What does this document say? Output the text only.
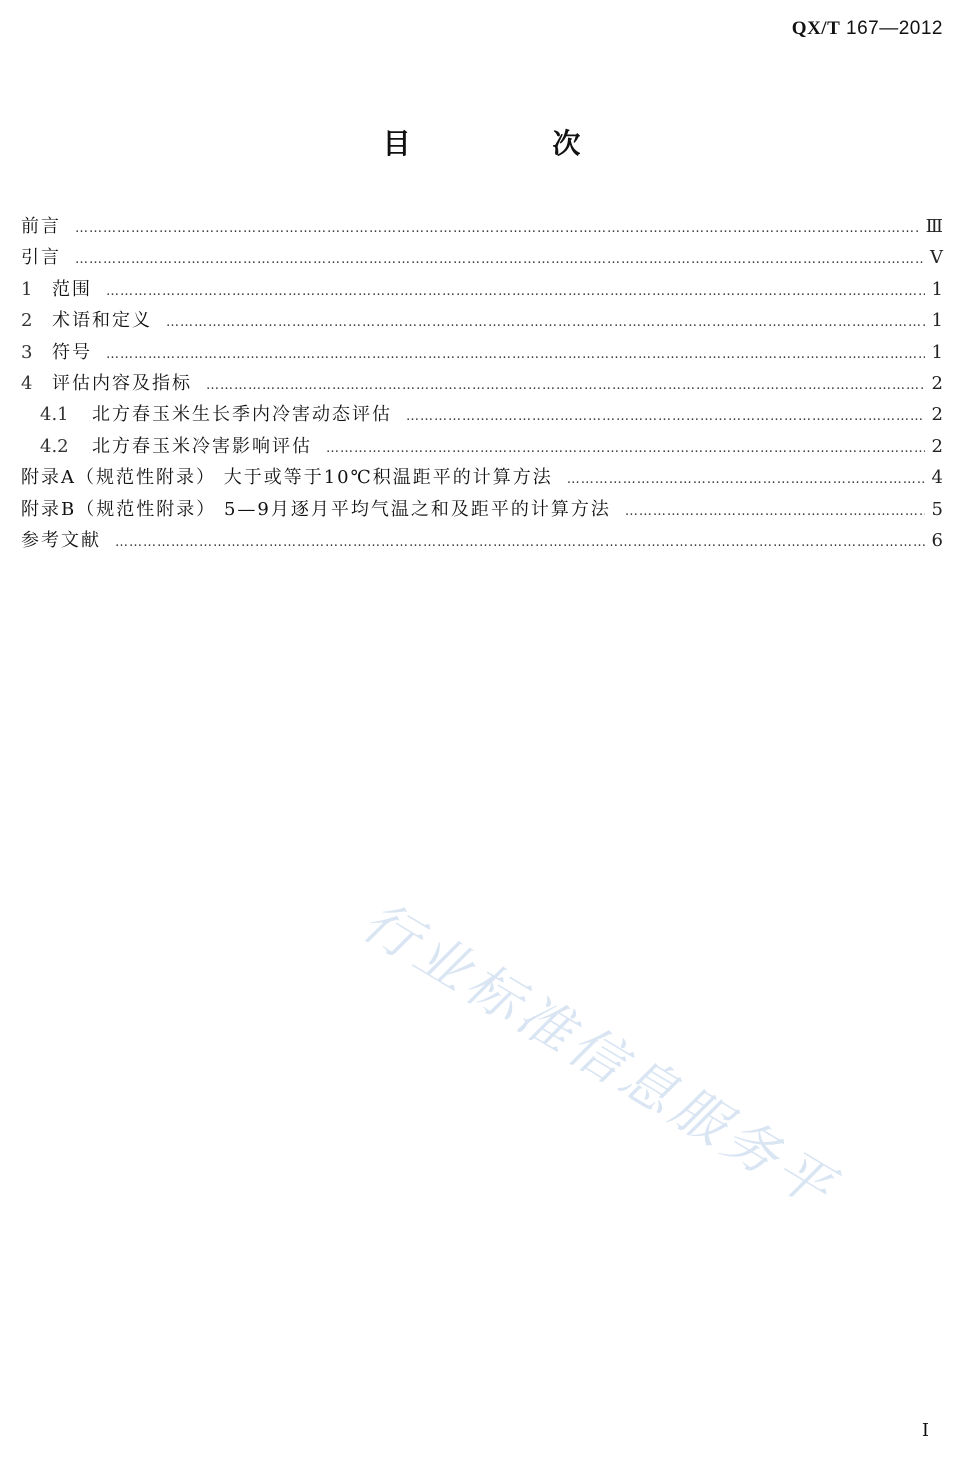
QX/T 167—2012
目 次
前言 ……………………………………………………………………………………………………………………………………………………………………………………………………………………	Ⅲ
引言 ……………………………………………………………………………………………………………………………………………………………………………………………………………………	Ⅴ
1	范围 ……………………………………………………………………………………………………………………………………………………………………………………………………………………	1
2	术语和定义 ……………………………………………………………………………………………………………………………………………………………………………………………………………………	1
3	符号 ……………………………………………………………………………………………………………………………………………………………………………………………………………………	1
4	评估内容及指标 ……………………………………………………………………………………………………………………………………………………………………………………………………………………	2
4.1	北方春玉米生长季内冷害动态评估 ……………………………………………………………………………………………………………………………………………………………………………………………………………………	2
4.2	北方春玉米冷害影响评估 ……………………………………………………………………………………………………………………………………………………………………………………………………………………	2
附录A（规范性附录） 大于或等于10℃积温距平的计算方法 ……………………………………………………………………………………………………………………………………………………………………………………………………………………	4
附录B（规范性附录） 5—9月逐月平均气温之和及距平的计算方法 ……………………………………………………………………………………………………………………………………………………………………………………………………………………	5
参考文献 ……………………………………………………………………………………………………………………………………………………………………………………………………………………	6
行业标准信息服务平
I
